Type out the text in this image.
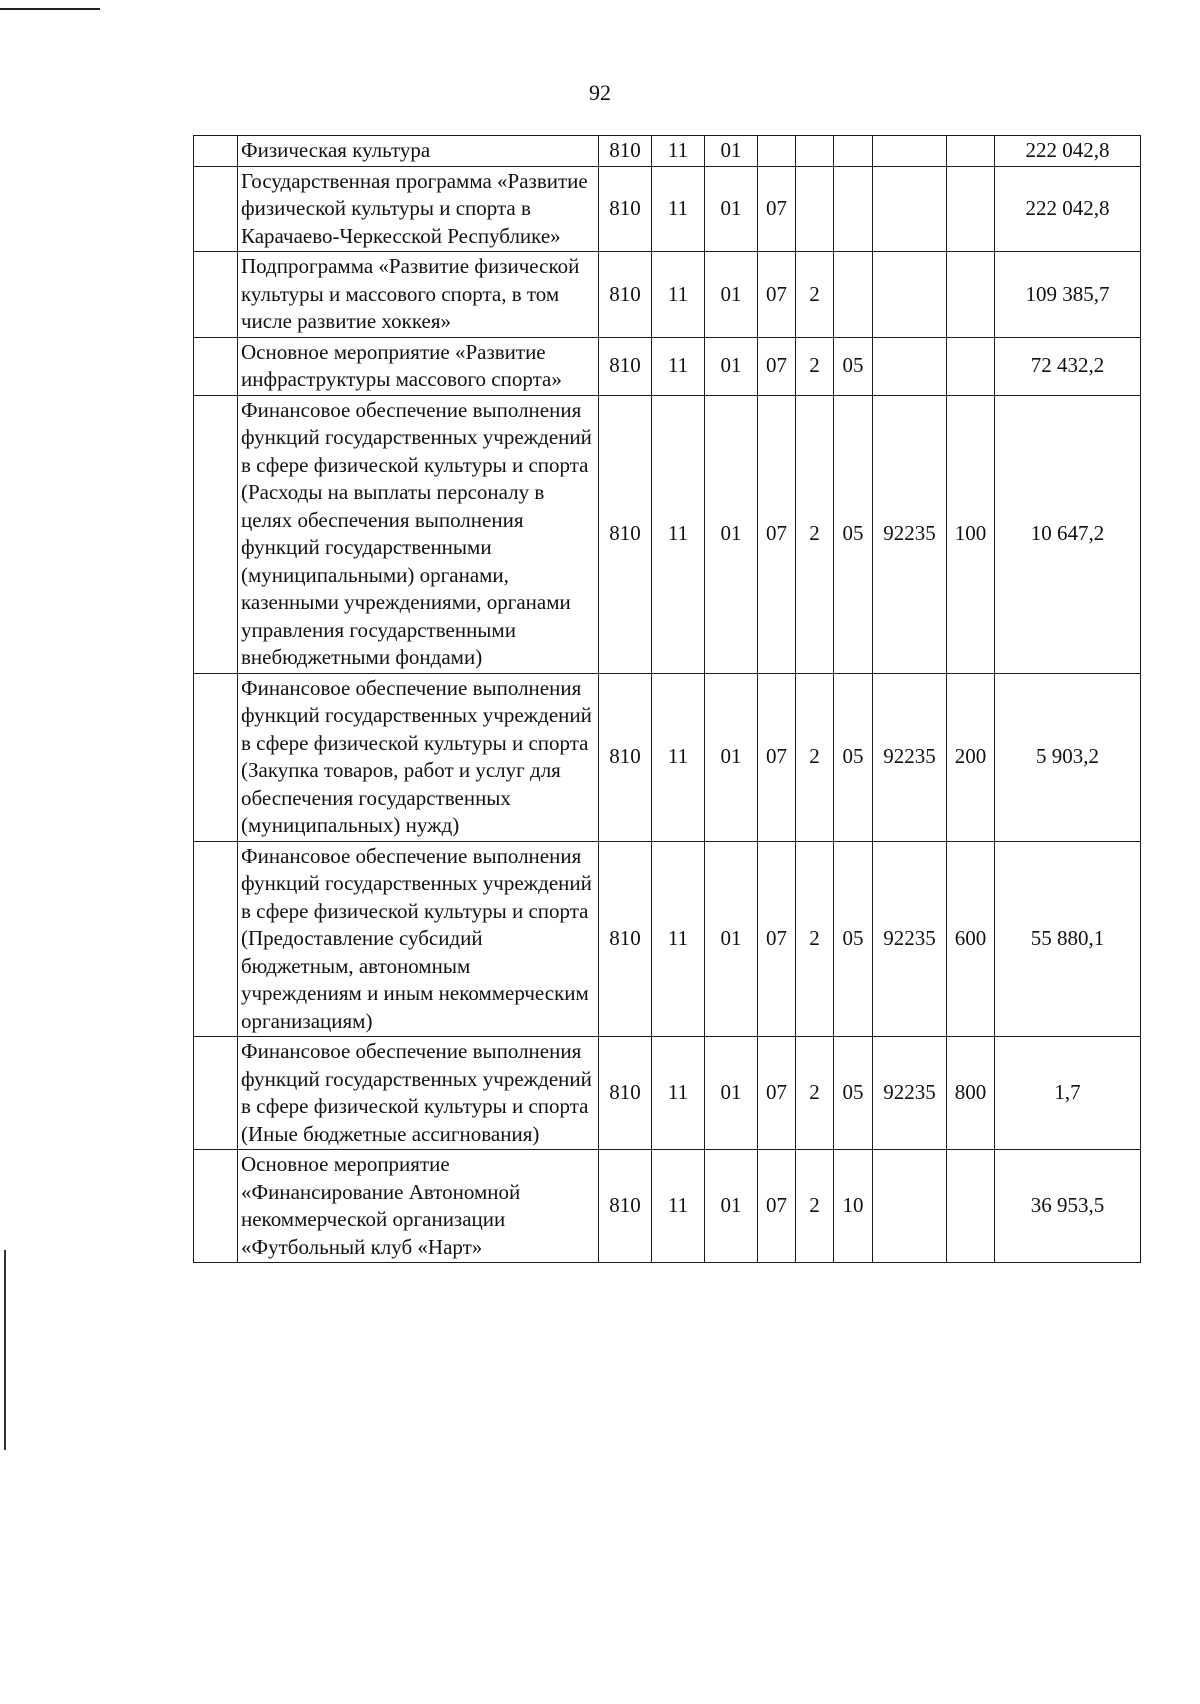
92
	Физическая культура	810	11	01						222 042,8
	Государственная программа «Развитие физической культуры и спорта в Карачаево-Черкесской Республике»	810	11	01	07					222 042,8
	Подпрограмма «Развитие физической культуры и массового спорта, в том числе развитие хоккея»	810	11	01	07	2				109 385,7
	Основное мероприятие «Развитие инфраструктуры массового спорта»	810	11	01	07	2	05			72 432,2
	Финансовое обеспечение выполнения функций государственных учреждений в сфере физической культуры и спорта (Расходы на выплаты персоналу в целях обеспечения выполнения функций государственными (муниципальными) органами, казенными учреждениями, органами управления государственными внебюджетными фондами)	810	11	01	07	2	05	92235	100	10 647,2
	Финансовое обеспечение выполнения функций государственных учреждений в сфере физической культуры и спорта (Закупка товаров, работ и услуг для обеспечения государственных (муниципальных) нужд)	810	11	01	07	2	05	92235	200	5 903,2
	Финансовое обеспечение выполнения функций государственных учреждений в сфере физической культуры и спорта (Предоставление субсидий бюджетным, автономным учреждениям и иным некоммерческим организациям)	810	11	01	07	2	05	92235	600	55 880,1
	Финансовое обеспечение выполнения функций государственных учреждений в сфере физической культуры и спорта (Иные бюджетные ассигнования)	810	11	01	07	2	05	92235	800	1,7
	Основное мероприятие «Финансирование Автономной некоммерческой организации «Футбольный клуб «Нарт»	810	11	01	07	2	10			36 953,5
